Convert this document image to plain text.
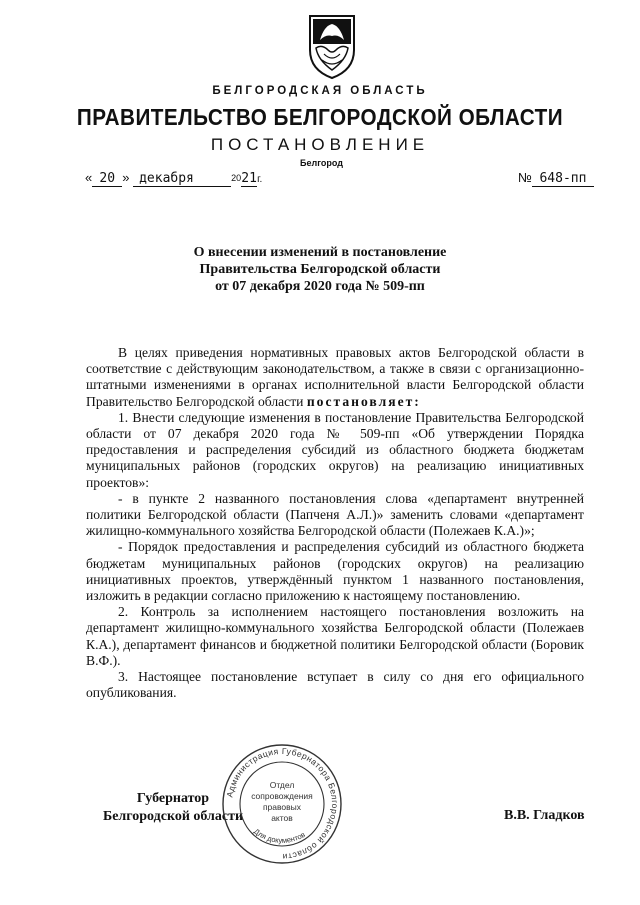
БЕЛГОРОДСКАЯ ОБЛАСТЬ
ПРАВИТЕЛЬСТВО БЕЛГОРОДСКОЙ ОБЛАСТИ
ПОСТАНОВЛЕНИЕ
Белгород
« 20 » декабря	2021г.	№ 648-пп
О внесении изменений в постановление
Правительства Белгородской области
от 07 декабря 2020 года № 509-пп

В целях приведения нормативных правовых актов Белгородской области в соответствие с действующим законодательством, а также в связи с организационно-штатными изменениями в органах исполнительной власти Белгородской области Правительство Белгородской области постановляет:

1. Внести следующие изменения в постановление Правительства Белгородской области от 07 декабря 2020 года № 509-пп «Об утверждении Порядка предоставления и распределения субсидий из областного бюджета бюджетам муниципальных районов (городских округов) на реализацию инициативных проектов»:

- в пункте 2 названного постановления слова «департамент внутренней политики Белгородской области (Папченя А.Л.)» заменить словами «департамент жилищно-коммунального хозяйства Белгородской области (Полежаев К.А.)»;

- Порядок предоставления и распределения субсидий из областного бюджета бюджетам муниципальных районов (городских округов) на реализацию инициативных проектов, утверждённый пунктом 1 названного постановления, изложить в редакции согласно приложению к настоящему постановлению.

2. Контроль за исполнением настоящего постановления возложить на департамент жилищно-коммунального хозяйства Белгородской области (Полежаев К.А.), департамент финансов и бюджетной политики Белгородской области (Боровик В.Ф.).

3. Настоящее постановление вступает в силу со дня его официального опубликования.

Губернатор
Белгородской области	В.В. Гладков
Администрация Губернатора Белгородской области
Отдел
сопровождения
правовых
актов
Для документов
